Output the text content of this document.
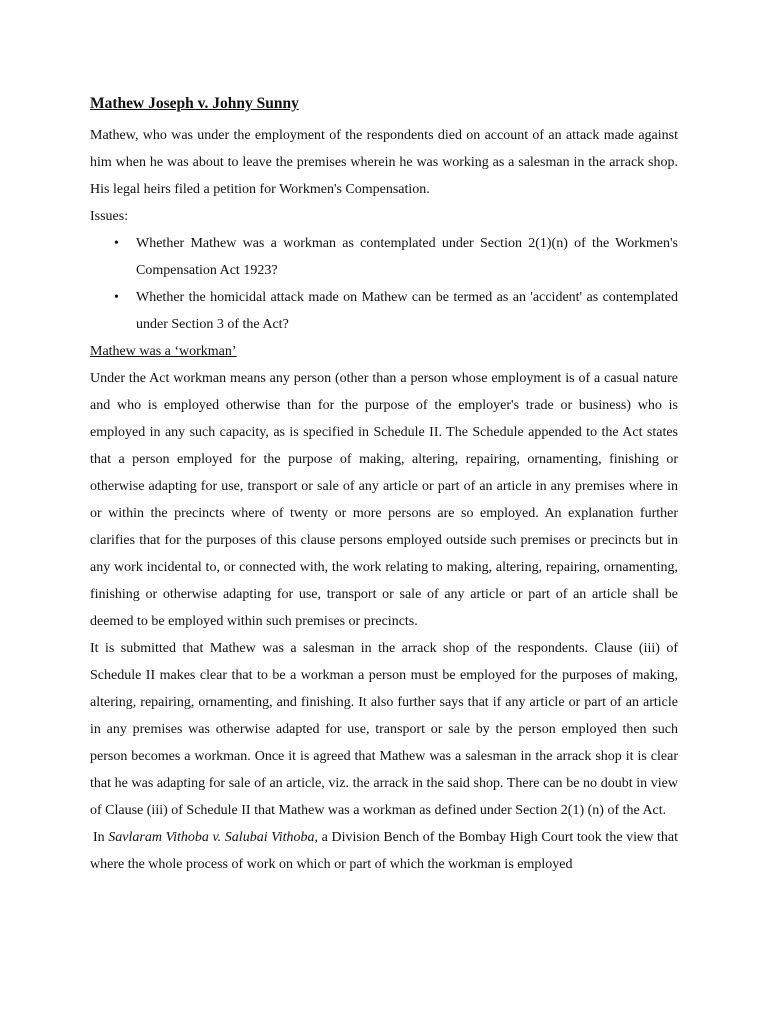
Mathew Joseph v. Johny Sunny

Mathew, who was under the employment of the respondents died on account of an attack made against him when he was about to leave the premises wherein he was working as a salesman in the arrack shop. His legal heirs filed a petition for Workmen's Compensation.

Issues:

• Whether Mathew was a workman as contemplated under Section 2(1)(n) of the Workmen's Compensation Act 1923?
• Whether the homicidal attack made on Mathew can be termed as an 'accident' as contemplated under Section 3 of the Act?

Mathew was a ‘workman’

Under the Act workman means any person (other than a person whose employment is of a casual nature and who is employed otherwise than for the purpose of the employer's trade or business) who is employed in any such capacity, as is specified in Schedule II. The Schedule appended to the Act states that a person employed for the purpose of making, altering, repairing, ornamenting, finishing or otherwise adapting for use, transport or sale of any article or part of an article in any premises where in or within the precincts where of twenty or more persons are so employed. An explanation further clarifies that for the purposes of this clause persons employed outside such premises or precincts but in any work incidental to, or connected with, the work relating to making, altering, repairing, ornamenting, finishing or otherwise adapting for use, transport or sale of any article or part of an article shall be deemed to be employed within such premises or precincts.

It is submitted that Mathew was a salesman in the arrack shop of the respondents. Clause (iii) of Schedule II makes clear that to be a workman a person must be employed for the purposes of making, altering, repairing, ornamenting, and finishing. It also further says that if any article or part of an article in any premises was otherwise adapted for use, transport or sale by the person employed then such person becomes a workman. Once it is agreed that Mathew was a salesman in the arrack shop it is clear that he was adapting for sale of an article, viz. the arrack in the said shop. There can be no doubt in view of Clause (iii) of Schedule II that Mathew was a workman as defined under Section 2(1) (n) of the Act.

In Savlaram Vithoba v. Salubai Vithoba, a Division Bench of the Bombay High Court took the view that where the whole process of work on which or part of which the workman is employed
